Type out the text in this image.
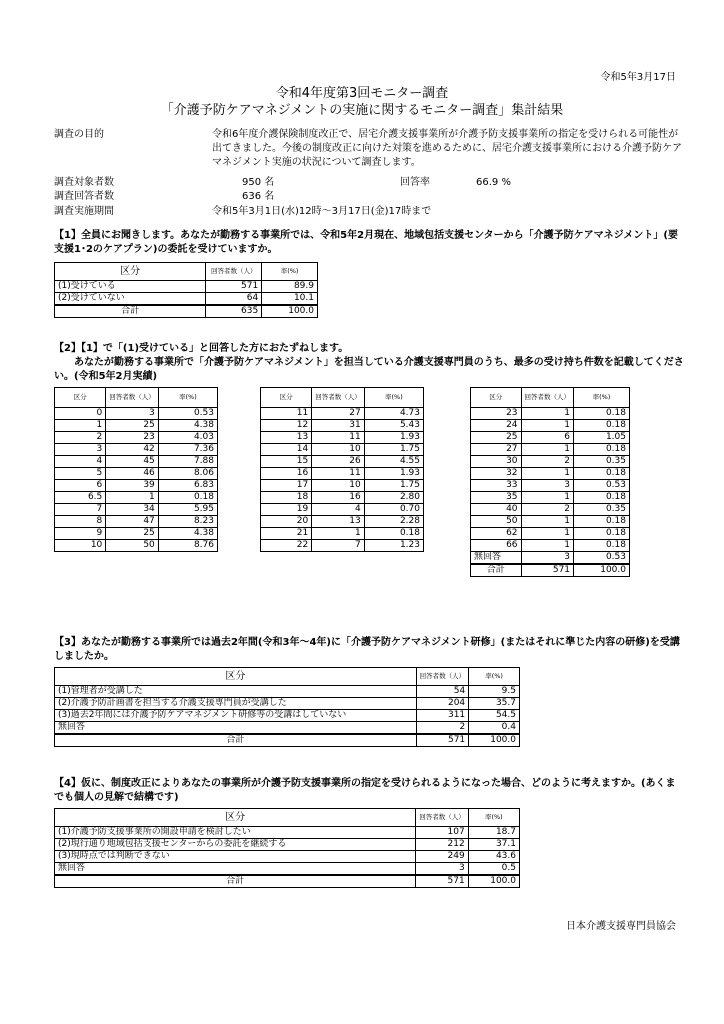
令和5年3月17日
令和4年度第3回モニター調査
「介護予防ケアマネジメントの実施に関するモニター調査」集計結果
調査の目的	令和6年度介護保険制度改正で、居宅介護支援事業所が介護予防支援事業所の指定を受けられる可能性が出てきました。今後の制度改正に向けた対策を進めるために、居宅介護支援事業所における介護予防ケアマネジメント実施の状況について調査します。
調査対象者数	950 名	回答率	66.9 %
調査回答者数	636 名
調査実施期間	令和5年3月1日(水)12時～3月17日(金)17時まで
【1】全員にお聞きします。あなたが勤務する事業所では、令和5年2月現在、地域包括支援センターから「介護予防ケアマネジメント」(要支援1･2のケアプラン)の委託を受けていますか。
区分	回答者数（人）	率(%)
(1)受けている	571	89.9
(2)受けていない	64	10.1
合計	635	100.0
【2】【1】で「(1)受けている」と回答した方におたずねします。
あなたが勤務する事業所で「介護予防ケアマネジメント」を担当している介護支援専門員のうち、最多の受け持ち件数を記載してください。(令和5年2月実績)
区分	回答者数（人）	率(%)
0	3	0.53
1	25	4.38
2	23	4.03
3	42	7.36
4	45	7.88
5	46	8.06
6	39	6.83
6.5	1	0.18
7	34	5.95
8	47	8.23
9	25	4.38
10	50	8.76
区分	回答者数（人）	率(%)
11	27	4.73
12	31	5.43
13	11	1.93
14	10	1.75
15	26	4.55
16	11	1.93
17	10	1.75
18	16	2.80
19	4	0.70
20	13	2.28
21	1	0.18
22	7	1.23
区分	回答者数（人）	率(%)
23	1	0.18
24	1	0.18
25	6	1.05
27	1	0.18
30	2	0.35
32	1	0.18
33	3	0.53
35	1	0.18
40	2	0.35
50	1	0.18
62	1	0.18
66	1	0.18
無回答	3	0.53
合計	571	100.0
【3】あなたが勤務する事業所では過去2年間(令和3年～4年)に「介護予防ケアマネジメント研修」(またはそれに準じた内容の研修)を受講しましたか。
区分	回答者数（人）	率(%)
(1)管理者が受講した	54	9.5
(2)介護予防計画書を担当する介護支援専門員が受講した	204	35.7
(3)過去2年間には介護予防ケアマネジメント研修等の受講はしていない	311	54.5
無回答	2	0.4
合計	571	100.0
【4】仮に、制度改正によりあなたの事業所が介護予防支援事業所の指定を受けられるようになった場合、どのように考えますか。(あくまでも個人の見解で結構です)
区分	回答者数（人）	率(%)
(1)介護予防支援事業所の開設申請を検討したい	107	18.7
(2)現行通り地域包括支援センターからの委託を継続する	212	37.1
(3)現時点では判断できない	249	43.6
無回答	3	0.5
合計	571	100.0
日本介護支援専門員協会
